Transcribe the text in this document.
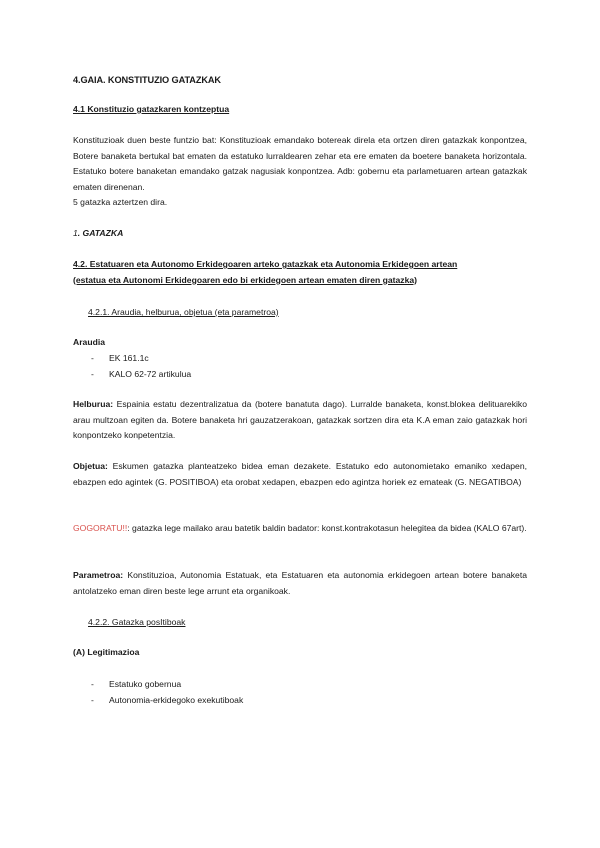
4.GAIA. KONSTITUZIO GATAZKAK

4.1 Konstituzio gatazkaren kontzeptua

Konstituzioak duen beste funtzio bat: Konstituzioak emandako botereak direla eta ortzen diren gatazkak konpontzea, Botere banaketa bertukal bat ematen da estatuko lurraldearen zehar eta ere ematen da boetere banaketa horizontala. Estatuko botere banaketan emandako gatzak nagusiak konpontzea. Adb: gobernu eta parlametuaren artean gatazkak ematen direnenan.

5 gatazka aztertzen dira.

1. GATAZKA

4.2. Estatuaren eta Autonomo Erkidegoaren arteko gatazkak eta Autonomia Erkidegoen artean

(estatua eta Autonomi Erkidegoaren edo bi erkidegoen artean ematen diren gatazka)

4.2.1. Araudia, helburua, objetua (eta parametroa)

Araudia

- EK 161.1c
- KALO 62-72 artikulua

Helburua: Espainia estatu dezentralizatua da (botere banatuta dago). Lurralde banaketa, konst.blokea delituarekiko arau multzoan egiten da. Botere banaketa hri gauzatzerakoan, gatazkak sortzen dira eta K.A eman zaio gatazkak hori konpontzeko konpetentzia.

Objetua: Eskumen gatazka planteatzeko bidea eman dezakete. Estatuko edo autonomietako emaniko xedapen, ebazpen edo agintek (G. POSITIBOA) eta orobat xedapen, ebazpen edo agintza horiek ez emateak (G. NEGATIBOA)

GOGORATU!!: gatazka lege mailako arau batetik baldin badator: konst.kontrakotasun helegitea da bidea (KALO 67art).

Parametroa: Konstituzioa, Autonomia Estatuak, eta Estatuaren eta autonomia erkidegoen artean botere banaketa antolatzeko eman diren beste lege arrunt eta organikoak.

4.2.2. Gatazka posItiboak

(A) Legitimazioa

- Estatuko gobernua
- Autonomia-erkidegoko exekutiboak
